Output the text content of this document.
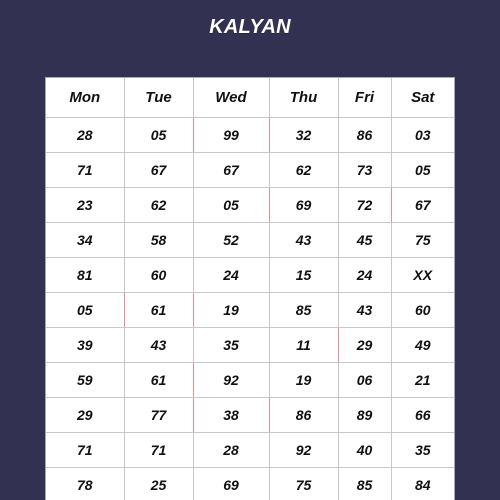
KALYAN
Mon	Tue	Wed	Thu	Fri	Sat
28	05	99	32	86	03
71	67	67	62	73	05
23	62	05	69	72	67
34	58	52	43	45	75
81	60	24	15	24	XX
05	61	19	85	43	60
39	43	35	11	29	49
59	61	92	19	06	21
29	77	38	86	89	66
71	71	28	92	40	35
78	25	69	75	85	84
